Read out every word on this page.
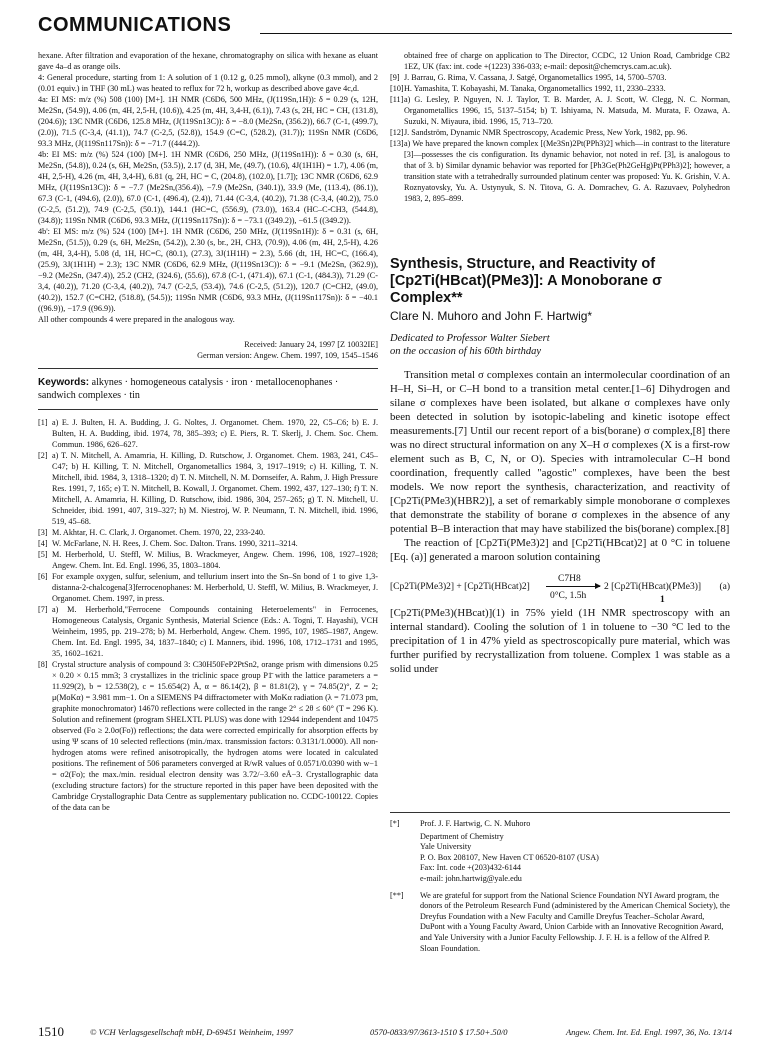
COMMUNICATIONS

hexane. After filtration and evaporation of the hexane, chromatography on silica with hexane as eluant gave 4a–d as orange oils.

4: General procedure, starting from 1: A solution of 1 (0.12 g, 0.25 mmol), alkyne (0.3 mmol), and 2 (0.01 equiv.) in THF (30 mL) was heated to reflux for 72 h, workup as described above gave 4c,d.

4a: EI MS: m/z (%) 508 (100) [M+]. 1H NMR (C6D6, 500 MHz, (J(119Sn,1H)): δ = 0.29 (s, 12H, Me2Sn, (54.9)), 4.06 (m, 4H, 2,5-H, (10.6)), 4.25 (m, 4H, 3,4-H, (6.1)), 7.43 (s, 2H, HC = CH, (131.8),(204.6)); 13C NMR (C6D6, 125.8 MHz, (J(119Sn13C)): δ = −8.0 (Me2Sn, (356.2)), 66.7 (C-1, (499.7), (2.0)), 71.5 (C-3,4, (41.1)), 74.7 (C-2,5, (52.8)), 154.9 (C=C, (528.2), (31.7)); 119Sn NMR (C6D6, 93.3 MHz, (J(119Sn117Sn)): δ = −71.7 ((444.2)).

4b: EI MS: m/z (%) 524 (100) [M+]. 1H NMR (C6D6, 250 MHz, (J(119Sn1H)): δ = 0.30 (s, 6H, Me2Sn, (54.8)), 0.24 (s, 6H, Me2Sn, (53.5)), 2.17 (d, 3H, Me, (49.7), (10.6), 4J(1H1H) = 1.7), 4.06 (m, 4H, 2,5-H), 4.26 (m, 4H, 3,4-H), 6.81 (q, 2H, HC = C, (204.8), (102.0), [1.7]); 13C NMR (C6D6, 62.9 MHz, (J(119Sn13C)): δ = −7.7 (Me2Sn,(356.4)), −7.9 (Me2Sn, (340.1)), 33.9 (Me, (113.4), (86.1)), 67.3 (C-1, (494.6), (2.0)), 67.0 (C-1, (496.4), (2.4)), 71.44 (C-3,4, (40.2)), 71.38 (C-3,4, (40.2)), 75.0 (C-2,5, (51.2)), 74.9 (C-2,5, (50.1)), 144.1 (HC=C, (556.9), (73.0)), 163.4 (HC–C-CH3, (544.8), (34.8)); 119Sn NMR (C6D6, 93.3 MHz, (J(119Sn117Sn)): δ = −73.1 ((349.2)), −61.5 ((349.2)).

4b': EI MS: m/z (%) 524 (100) [M+]. 1H NMR (C6D6, 250 MHz, (J(119Sn1H)): δ = 0.31 (s, 6H, Me2Sn, (51.5)), 0.29 (s, 6H, Me2Sn, (54.2)), 2.30 (s, br., 2H, CH3, (70.9)), 4.06 (m, 4H, 2,5-H), 4.26 (m, 4H, 3,4-H), 5.08 (d, 1H, HC=C, (80.1), (27.3), 3J(1H1H) = 2.3), 5.66 (dt, 1H, HC=C, (166.4),(25.9), 3J(1H1H) = 2.3); 13C NMR (C6D6, 62.9 MHz, (J(119Sn13C)): δ = −9.1 (Me2Sn, (362.9)), −9.2 (Me2Sn, (347.4)), 25.2 (CH2, (324.6), (55.6)), 67.8 (C-1, (471.4)), 67.1 (C-1, (484.3)), 71.29 (C-3,4, (40.2)), 71.20 (C-3,4, (40.2)), 74.7 (C-2,5, (53.4)), 74.6 (C-2,5, (51.2)), 120.7 (C=CH2, (49.0), (40.2)), 152.7 (C=CH2, (518.8), (54.5)); 119Sn NMR (C6D6, 93.3 MHz, (J(119Sn117Sn)): δ = −40.1 ((96.9)), −17.9 ((96.9)).

All other compounds 4 were prepared in the analogous way.

Received: January 24, 1997 [Z 10032IE]
German version: Angew. Chem. 1997, 109, 1545–1546
Keywords: alkynes · homogeneous catalysis · iron · metallocenophanes · sandwich complexes · tin

[1] a) E. J. Bulten, H. A. Budding, J. G. Noltes, J. Organomet. Chem. 1970, 22, C5–C6; b) E. J. Bulten, H. A. Budding, ibid. 1974, 78, 385–393; c) E. Piers, R. T. Skerlj, J. Chem. Soc. Chem. Commun. 1986, 626–627.

[2] a) T. N. Mitchell, A. Amamria, H. Killing, D. Rutschow, J. Organomet. Chem. 1983, 241, C45–C47; b) H. Killing, T. N. Mitchell, Organometallics 1984, 3, 1917–1919; c) H. Killing, T. N. Mitchell, ibid. 1984, 3, 1318–1320; d) T. N. Mitchell, N. M. Dornseifer, A. Rahm, J. High Pressure Res. 1991, 7, 165; e) T. N. Mitchell, B. Kowall, J. Organomet. Chem. 1992, 437, 127–130; f) T. N. Mitchell, A. Amamria, H. Killing, D. Rutschow, ibid. 1986, 304, 257–265; g) T. N. Mitchell, U. Schneider, ibid. 1991, 407, 319–327; h) M. Niestroj, W. P. Neumann, T. N. Mitchell, ibid. 1996, 519, 45–68.

[3] M. Akhtar, H. C. Clark, J. Organomet. Chem. 1970, 22, 233-240.

[4] W. McFarlane, N. H. Rees, J. Chem. Soc. Dalton. Trans. 1990, 3211–3214.

[5] M. Herberhold, U. Steffl, W. Milius, B. Wrackmeyer, Angew. Chem. 1996, 108, 1927–1928; Angew. Chem. Int. Ed. Engl. 1996, 35, 1803–1804.

[6] For example oxygen, sulfur, selenium, and tellurium insert into the Sn–Sn bond of 1 to give 1,3-distanna-2-chalcogena[3]ferrocenophanes: M. Herberhold, U. Steffl, W. Milius, B. Wrackmeyer, J. Organomet. Chem. 1997, in press.

[7] a) M. Herberhold,"Ferrocene Compounds containing Heteroelements" in Ferrocenes, Homogeneous Catalysis, Organic Synthesis, Material Science (Eds.: A. Togni, T. Hayashi), VCH Weinheim, 1995, pp. 219–278; b) M. Herberhold, Angew. Chem. 1995, 107, 1985–1987, Angew. Chem. Int. Ed. Engl. 1995, 34, 1837–1840; c) I. Manners, ibid. 1996, 108, 1712–1731 and 1995, 35, 1602–1621.

[8] Crystal structure analysis of compound 3: C30H50FeP2PtSn2, orange prism with dimensions 0.25 × 0.20 × 0.15 mm3; 3 crystallizes in the triclinic space group P1̄ with the lattice parameters a = 11.929(2), b = 12.538(2), c = 15.654(2) Å, α = 86.14(2), β = 81.81(2), γ = 74.85(2)°, Z = 2; μ(MoKα) = 3.981 mm−1. On a SIEMENS P4 diffractometer with MoKα radiation (λ = 71.073 pm, graphite monochromator) 14670 reflections were collected in the range 2° ≤ 2θ ≤ 60° (T = 296 K). Solution and refinement (program SHELXTL PLUS) was done with 12944 independent and 10475 observed (Fo ≥ 2.0σ(Fo)) reflections; the data were corrected empirically for absorption effects by using Ψ scans of 10 selected reflections (min./max. transmission factors: 0.3131/1.0000). All non-hydrogen atoms were refined anisotropically, the hydrogen atoms were located in calculated positions. The refinement of 506 parameters converged at R/wR values of 0.0571/0.0390 with w−1 = σ2(Fo); the max./min. residual electron density was 3.72/−3.60 eÅ−3. Crystallographic data (excluding structure factors) for the structure reported in this paper have been deposited with the Cambridge Crystallographic Data Centre as supplementary publication no. CCDC-100122. Copies of the data can be

obtained free of charge on application to The Director, CCDC, 12 Union Road, Cambridge CB2 1EZ, UK (fax: int. code +(1223) 336-033; e-mail: deposit@chemcrys.cam.ac.uk).

[9] J. Barrau, G. Rima, V. Cassana, J. Satgé, Organometallics 1995, 14, 5700–5703.

[10]H. Yamashita, T. Kobayashi, M. Tanaka, Organometallics 1992, 11, 2330–2333.

[11]a) G. Lesley, P. Nguyen, N. J. Taylor, T. B. Marder, A. J. Scott, W. Clegg, N. C. Norman, Organometallics 1996, 15, 5137–5154; b) T. Ishiyama, N. Matsuda, M. Murata, F. Ozawa, A. Suzuki, N. Miyaura, ibid. 1996, 15, 713–720.

[12]J. Sandström, Dynamic NMR Spectroscopy, Academic Press, New York, 1982, pp. 96.

[13]a) We have prepared the known complex [(Me3Sn)2Pt(PPh3)2] which—in contrast to the literature [3]—possesses the cis configuration. Its dynamic behavior, not noted in ref. [3], is analogous to that of 3. b) Similar dynamic behavior was reported for [Ph3Ge(Ph2GeHg)Pt(PPh3)2]; however, a transition state with a tetrahedrally surrounded platinum center was proposed: Yu. K. Grishin, V. A. Roznyatovsky, Yu. A. Ustynyuk, S. N. Titova, G. A. Domrachev, G. A. Razuvaev, Polyhedron 1983, 2, 895–899.

Synthesis, Structure, and Reactivity of [Cp2Ti(HBcat)(PMe3)]: A Monoborane σ Complex**
Clare N. Muhoro and John F. Hartwig*
Dedicated to Professor Walter Siebert
on the occasion of his 60th birthday

Transition metal σ complexes contain an intermolecular coordination of an H–H, Si–H, or C–H bond to a transition metal center.[1–6] Dihydrogen and silane σ complexes have been isolated, but alkane σ complexes have only been detected in solution by isotopic-labeling and kinetic isotope effect measurements.[7] Until our recent report of a bis(borane) σ complex,[8] there was no direct structural information on any X–H σ complexes (X is a first-row element such as B, C, N, or O). Species with intramolecular C–H bond coordination, frequently called "agostic" complexes, have been the best models. We now report the synthesis, characterization, and reactivity of [Cp2Ti(PMe3)(HBR2)], a set of remarkably simple monoborane σ complexes that demonstrate the stability of borane σ complexes in the absence of any potential B–B interaction that may have stabilized the bis(borane) complex.[8]

The reaction of [Cp2Ti(PMe3)2] and [Cp2Ti(HBcat)2] at 0 °C in toluene [Eq. (a)] generated a maroon solution containing

[Cp2Ti(PMe3)2] + [Cp2Ti(HBcat)2]
C7H8
0°C, 1.5h
2 [Cp2Ti(HBcat)(PMe3)]
1
(a)

[Cp2Ti(PMe3)(HBcat)](1) in 75% yield (1H NMR spectroscopy with an internal standard). Cooling the solution of 1 in toluene to −30 °C led to the precipitation of 1 in 47% yield as spectroscopically pure material, which was further purified by recrystallization from toluene. Complex 1 was stable as a solid under

[*] Prof. J. F. Hartwig, C. N. Muhoro
Department of Chemistry
Yale University
P. O. Box 208107, New Haven CT 06520-8107 (USA)
Fax: Int. code +(203)432-6144
e-mail: john.hartwig@yale.edu
[**] We are grateful for support from the National Science Foundation NYI Award program, the donors of the Petroleum Research Fund (administered by the American Chemical Society), the Dreyfus Foundation with a New Faculty and Camille Dreyfus Teacher–Scholar Award, DuPont with a Young Faculty Award, Union Carbide with an Innovative Recognition Award, and Yale University with a Junior Faculty Fellowship. J. F. H. is a fellow of the Alfred P. Sloan Foundation.
1510	© VCH Verlagsgesellschaft mbH, D-69451 Weinheim, 1997	0570-0833/97/3613-1510 $ 17.50+.50/0	Angew. Chem. Int. Ed. Engl. 1997, 36, No. 13/14
